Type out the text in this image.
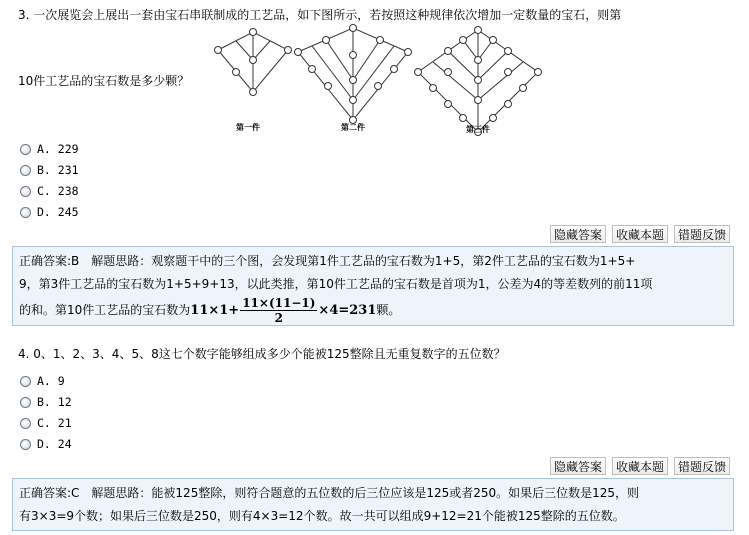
3. 一次展览会上展出一套由宝石串联制成的工艺品，如下图所示，若按照这种规律依次增加一定数量的宝石，则第
10件工艺品的宝石数是多少颗？
第一件	第二件	第三件
A. 229
B. 231
C. 238
D. 245
隐藏答案	收藏本题	错题反馈
正确答案:B　解题思路：观察题干中的三个图，会发现第1件工艺品的宝石数为1+5，第2件工艺品的宝石数为1+5+
9，第3件工艺品的宝石数为1+5+9+13，以此类推，第10件工艺品的宝石数是首项为1，公差为4的等差数列的前11项
的和。第10件工艺品的宝石数为$11\times 1+ \frac{11\times(11-1)}{2} \times 4=231$颗。
4. 0、1、2、3、4、5、8这七个数字能够组成多少个能被125整除且无重复数字的五位数？
A. 9
B. 12
C. 21
D. 24
隐藏答案	收藏本题	错题反馈
正确答案:C　解题思路：能被125整除，则符合题意的五位数的后三位应该是125或者250。如果后三位数是125，则
有3×3=9个数；如果后三位数是250，则有4×3=12个数。故一共可以组成9+12=21个能被125整除的五位数。
